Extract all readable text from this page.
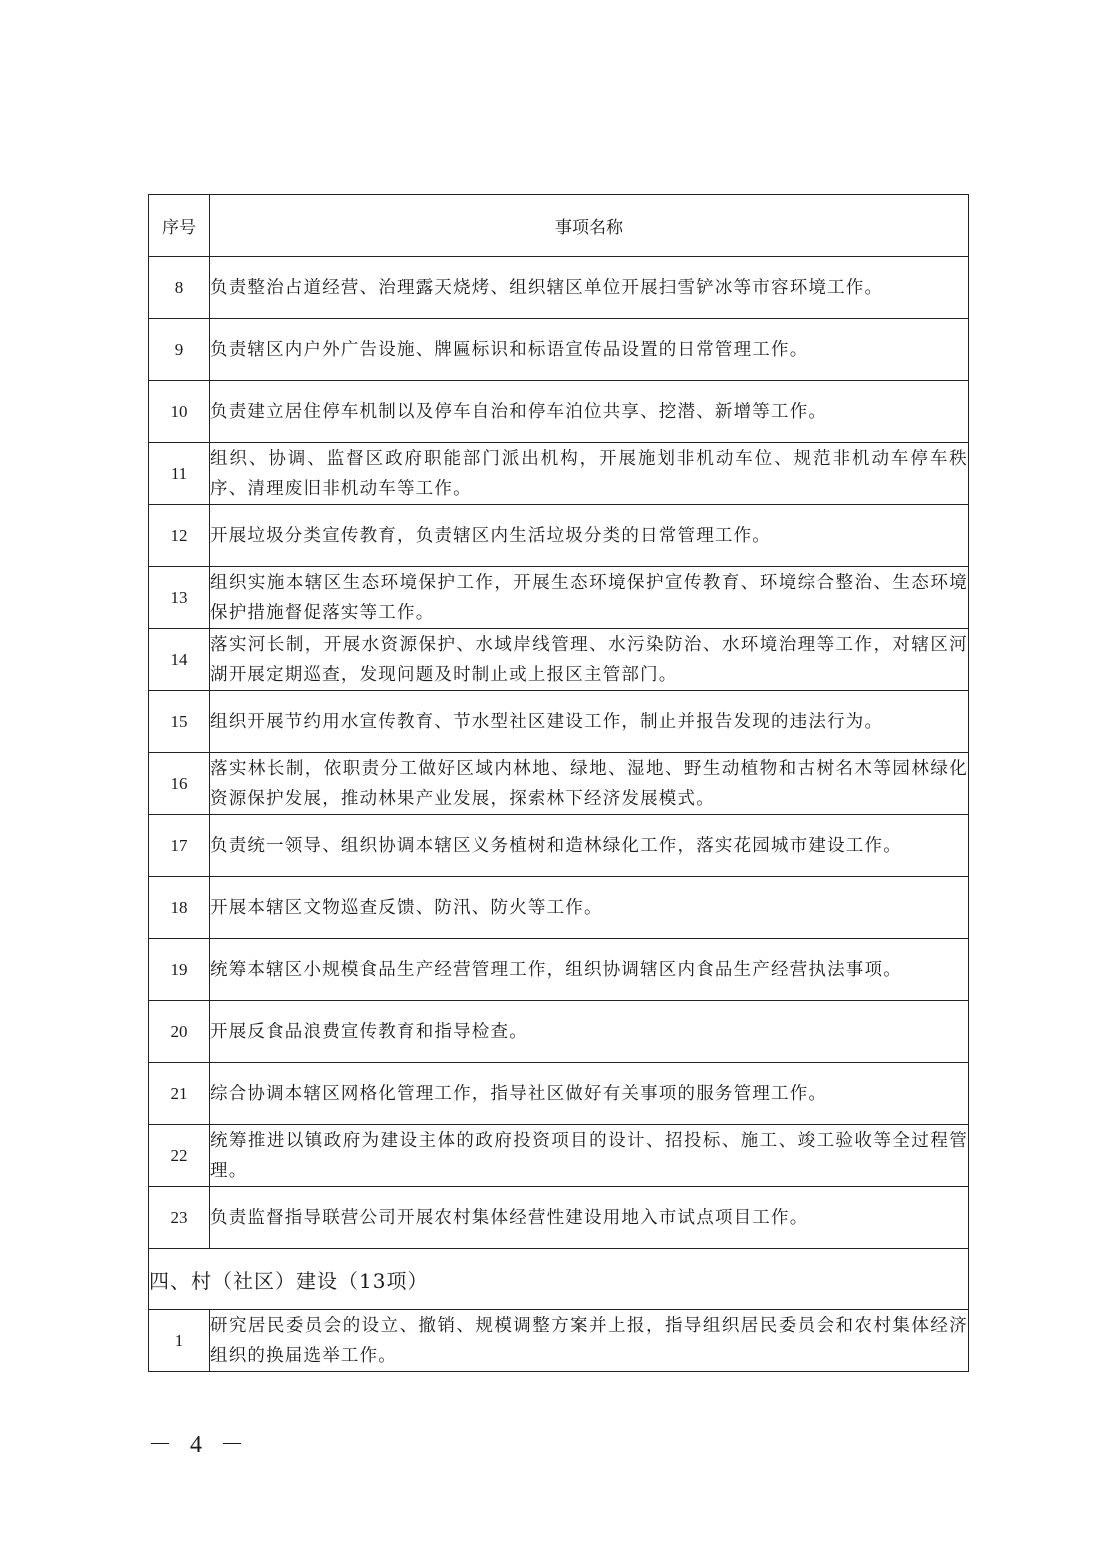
序号	事项名称
8	负责整治占道经营、治理露天烧烤、组织辖区单位开展扫雪铲冰等市容环境工作。
9	负责辖区内户外广告设施、牌匾标识和标语宣传品设置的日常管理工作。
10	负责建立居住停车机制以及停车自治和停车泊位共享、挖潜、新增等工作。
11	组织、协调、监督区政府职能部门派出机构，开展施划非机动车位、规范非机动车停车秩序、清理废旧非机动车等工作。
12	开展垃圾分类宣传教育，负责辖区内生活垃圾分类的日常管理工作。
13	组织实施本辖区生态环境保护工作，开展生态环境保护宣传教育、环境综合整治、生态环境保护措施督促落实等工作。
14	落实河长制，开展水资源保护、水域岸线管理、水污染防治、水环境治理等工作，对辖区河湖开展定期巡查，发现问题及时制止或上报区主管部门。
15	组织开展节约用水宣传教育、节水型社区建设工作，制止并报告发现的违法行为。
16	落实林长制，依职责分工做好区域内林地、绿地、湿地、野生动植物和古树名木等园林绿化资源保护发展，推动林果产业发展，探索林下经济发展模式。
17	负责统一领导、组织协调本辖区义务植树和造林绿化工作，落实花园城市建设工作。
18	开展本辖区文物巡查反馈、防汛、防火等工作。
19	统筹本辖区小规模食品生产经营管理工作，组织协调辖区内食品生产经营执法事项。
20	开展反食品浪费宣传教育和指导检查。
21	综合协调本辖区网格化管理工作，指导社区做好有关事项的服务管理工作。
22	统筹推进以镇政府为建设主体的政府投资项目的设计、招投标、施工、竣工验收等全过程管理。
23	负责监督指导联营公司开展农村集体经营性建设用地入市试点项目工作。
四、村（社区）建设（13项）	
1	研究居民委员会的设立、撤销、规模调整方案并上报，指导组织居民委员会和农村集体经济组织的换届选举工作。
－ 4 －
